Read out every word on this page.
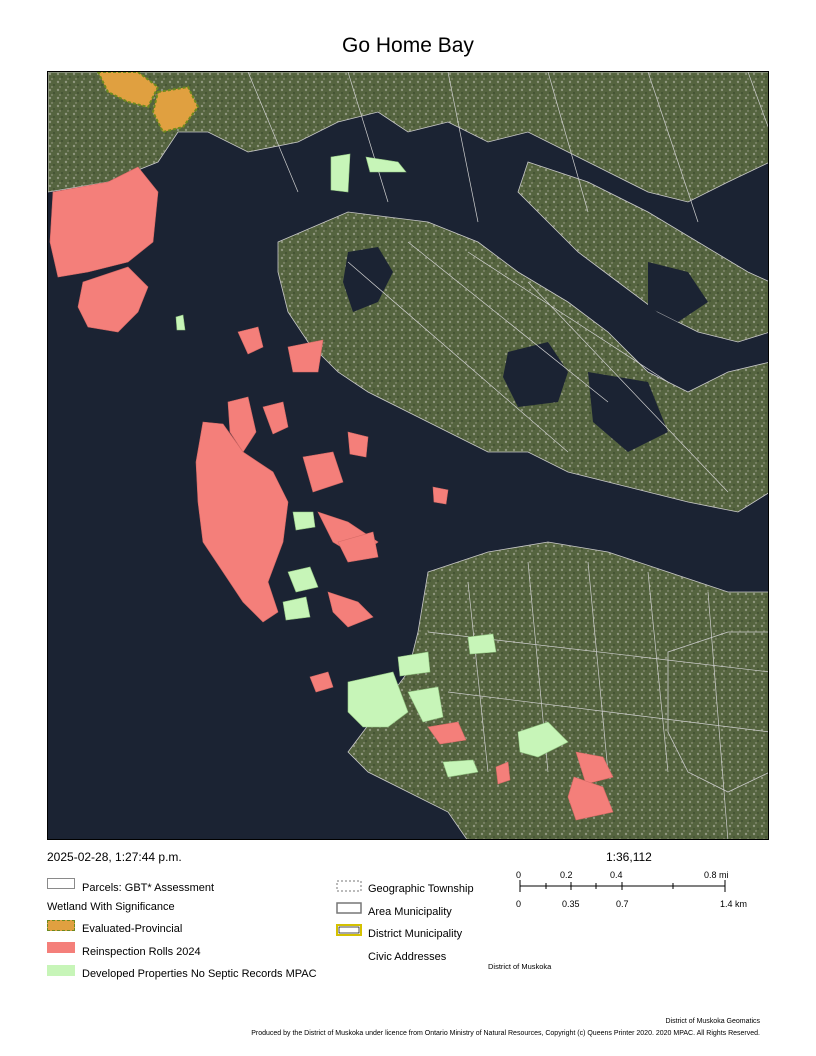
Go Home Bay
2025-02-28, 1:27:44 p.m.	1:36,112
0	0.2	0.4	0.8 mi
0	0.35	0.7	1.4 km
Parcels: GBT* Assessment
Wetland With Significance
Evaluated-Provincial
Reinspection Rolls 2024
Developed Properties No Septic Records MPAC
Geographic Township
Area Municipality
District Municipality
Civic Addresses
District of Muskoka
District of Muskoka Geomatics
Produced by the District of Muskoka under licence from Ontario Ministry of Natural Resources, Copyright (c) Queens Printer 2020. 2020 MPAC. All Rights Reserved.
